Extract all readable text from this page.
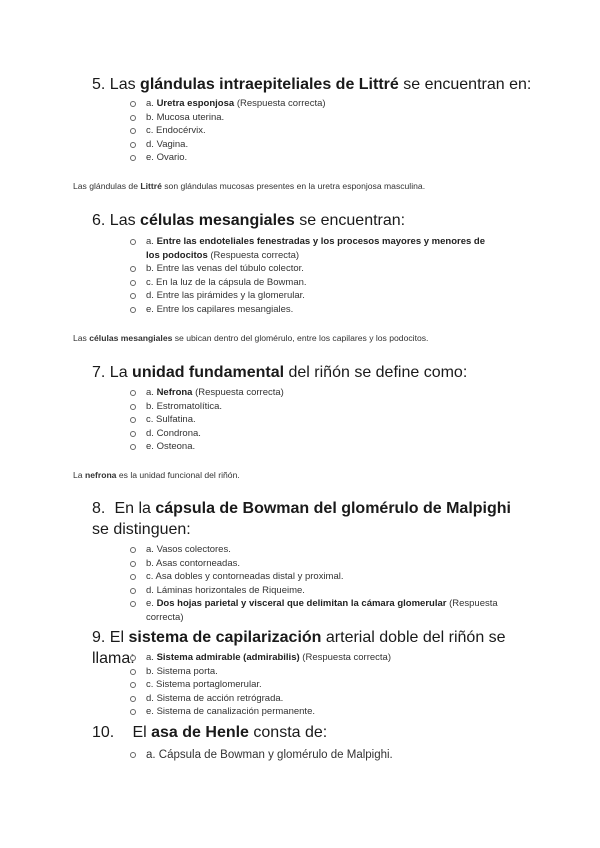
5. Las glándulas intraepiteliales de Littré se encuentran en:
a. Uretra esponjosa (Respuesta correcta)
b. Mucosa uterina.
c. Endocérvix.
d. Vagina.
e. Ovario.
Las glándulas de Littré son glándulas mucosas presentes en la uretra esponjosa masculina.
6. Las células mesangiales se encuentran:
a. Entre las endoteliales fenestradas y los procesos mayores y menores de los podocitos (Respuesta correcta)
b. Entre las venas del túbulo colector.
c. En la luz de la cápsula de Bowman.
d. Entre las pirámides y la glomerular.
e. Entre los capilares mesangiales.
Las células mesangiales se ubican dentro del glomérulo, entre los capilares y los podocitos.
7. La unidad fundamental del riñón se define como:
a. Nefrona (Respuesta correcta)
b. Estromatolítica.
c. Sulfatina.
d. Condrona.
e. Osteona.
La nefrona es la unidad funcional del riñón.
8. En la cápsula de Bowman del glomérulo de Malpighi se distinguen:
a. Vasos colectores.
b. Asas contorneadas.
c. Asa dobles y contorneadas distal y proximal.
d. Láminas horizontales de Riqueime.
e. Dos hojas parietal y visceral que delimitan la cámara glomerular (Respuesta correcta)
9. El sistema de capilarización arterial doble del riñón se llama:	a. Sistema admirable (admirabilis) (Respuesta correcta)
b. Sistema porta.
c. Sistema portaglomerular.
d. Sistema de acción retrógrada.
e. Sistema de canalización permanente.
10. El asa de Henle consta de:
a. Cápsula de Bowman y glomérulo de Malpighi.
